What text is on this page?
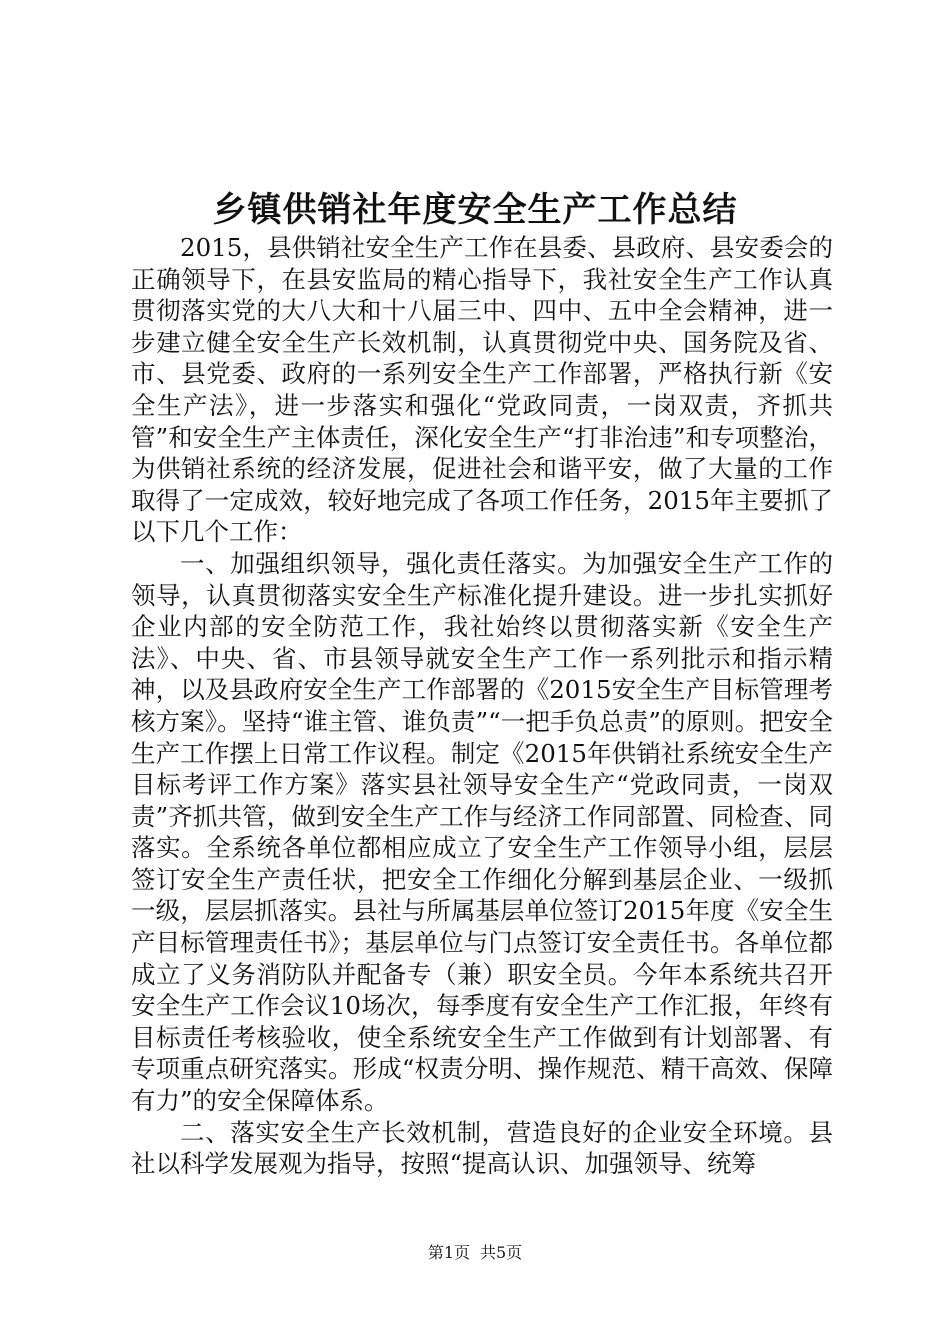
乡镇供销社年度安全生产工作总结

2015，县供销社安全生产工作在县委、县政府、县安委会的正确领导下，在县安监局的精心指导下，我社安全生产工作认真贯彻落实党的大八大和十八届三中、四中、五中全会精神，进一步建立健全安全生产长效机制，认真贯彻党中央、国务院及省、市、县党委、政府的一系列安全生产工作部署，严格执行新《安全生产法》，进一步落实和强化“党政同责，一岗双责，齐抓共管”和安全生产主体责任，深化安全生产“打非治违”和专项整治，为供销社系统的经济发展，促进社会和谐平安，做了大量的工作取得了一定成效，较好地完成了各项工作任务，2015年主要抓了以下几个工作：

一、加强组织领导，强化责任落实。为加强安全生产工作的领导，认真贯彻落实安全生产标准化提升建设。进一步扎实抓好企业内部的安全防范工作，我社始终以贯彻落实新《安全生产法》、中央、省、市县领导就安全生产工作一系列批示和指示精神，以及县政府安全生产工作部署的《2015安全生产目标管理考核方案》。坚持“谁主管、谁负责”“一把手负总责”的原则。把安全生产工作摆上日常工作议程。制定《2015年供销社系统安全生产目标考评工作方案》落实县社领导安全生产“党政同责，一岗双责”齐抓共管，做到安全生产工作与经济工作同部置、同检查、同落实。全系统各单位都相应成立了安全生产工作领导小组，层层签订安全生产责任状，把安全工作细化分解到基层企业、一级抓一级，层层抓落实。县社与所属基层单位签订2015年度《安全生产目标管理责任书》；基层单位与门点签订安全责任书。各单位都成立了义务消防队并配备专（兼）职安全员。今年本系统共召开安全生产工作会议10场次，每季度有安全生产工作汇报，年终有目标责任考核验收，使全系统安全生产工作做到有计划部署、有专项重点研究落实。形成“权责分明、操作规范、精干高效、保障有力”的安全保障体系。

二、落实安全生产长效机制，营造良好的企业安全环境。县社以科学发展观为指导，按照“提高认识、加强领导、统筹

第1页 共5页
